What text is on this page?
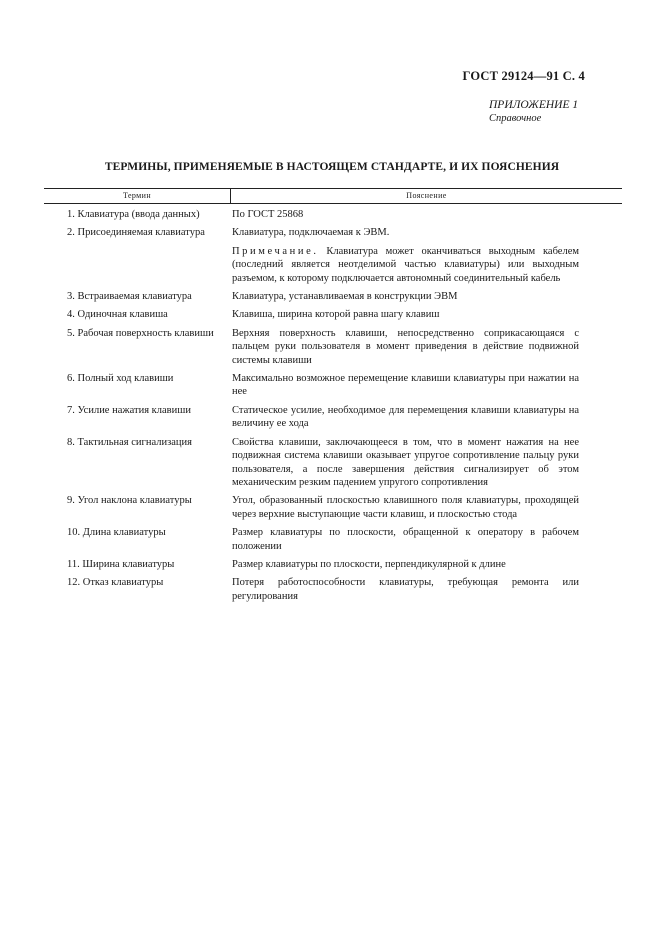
ГОСТ 29124—91 С. 4
ПРИЛОЖЕНИЕ 1
Справочное
ТЕРМИНЫ, ПРИМЕНЯЕМЫЕ В НАСТОЯЩЕМ СТАНДАРТЕ, И ИХ ПОЯСНЕНИЯ
Термин	Пояснение
1. Клавиатура (ввода данных)	По ГОСТ 25868
2. Присоединяемая клавиатура	Клавиатура, подключаемая к ЭВМ.
Примечание. Клавиатура может оканчиваться выходным кабелем (последний является неотделимой частью клавиатуры) или выходным разъемом, к которому подключается автономный соединительный кабель
3. Встраиваемая клавиатура	Клавиатура, устанавливаемая в конструкции ЭВМ
4. Одиночная клавиша	Клавиша, ширина которой равна шагу клавиш
5. Рабочая поверхность клавиши	Верхняя поверхность клавиши, непосредственно соприкасающаяся с пальцем руки пользователя в момент приведения в действие подвижной системы клавиши
6. Полный ход клавиши	Максимально возможное перемещение клавиши клавиатуры при нажатии на нее
7. Усилие нажатия клавиши	Статическое усилие, необходимое для перемещения клавиши клавиатуры на величину ее хода
8. Тактильная сигнализация	Свойства клавиши, заключающееся в том, что в момент нажатия на нее подвижная система клавиши оказывает упругое сопротивление пальцу руки пользователя, а после завершения действия сигнализирует об этом механическим резким падением упругого сопротивления
9. Угол наклона клавиатуры	Угол, образованный плоскостью клавишного поля клавиатуры, проходящей через верхние выступающие части клавиш, и плоскостью стода
10. Длина клавиатуры	Размер клавиатуры по плоскости, обращенной к оператору в рабочем положении
11. Ширина клавиатуры	Размер клавиатуры по плоскости, перпендикулярной к длине
12. Отказ клавиатуры	Потеря работоспособности клавиатуры, требующая ремонта или регулирования
